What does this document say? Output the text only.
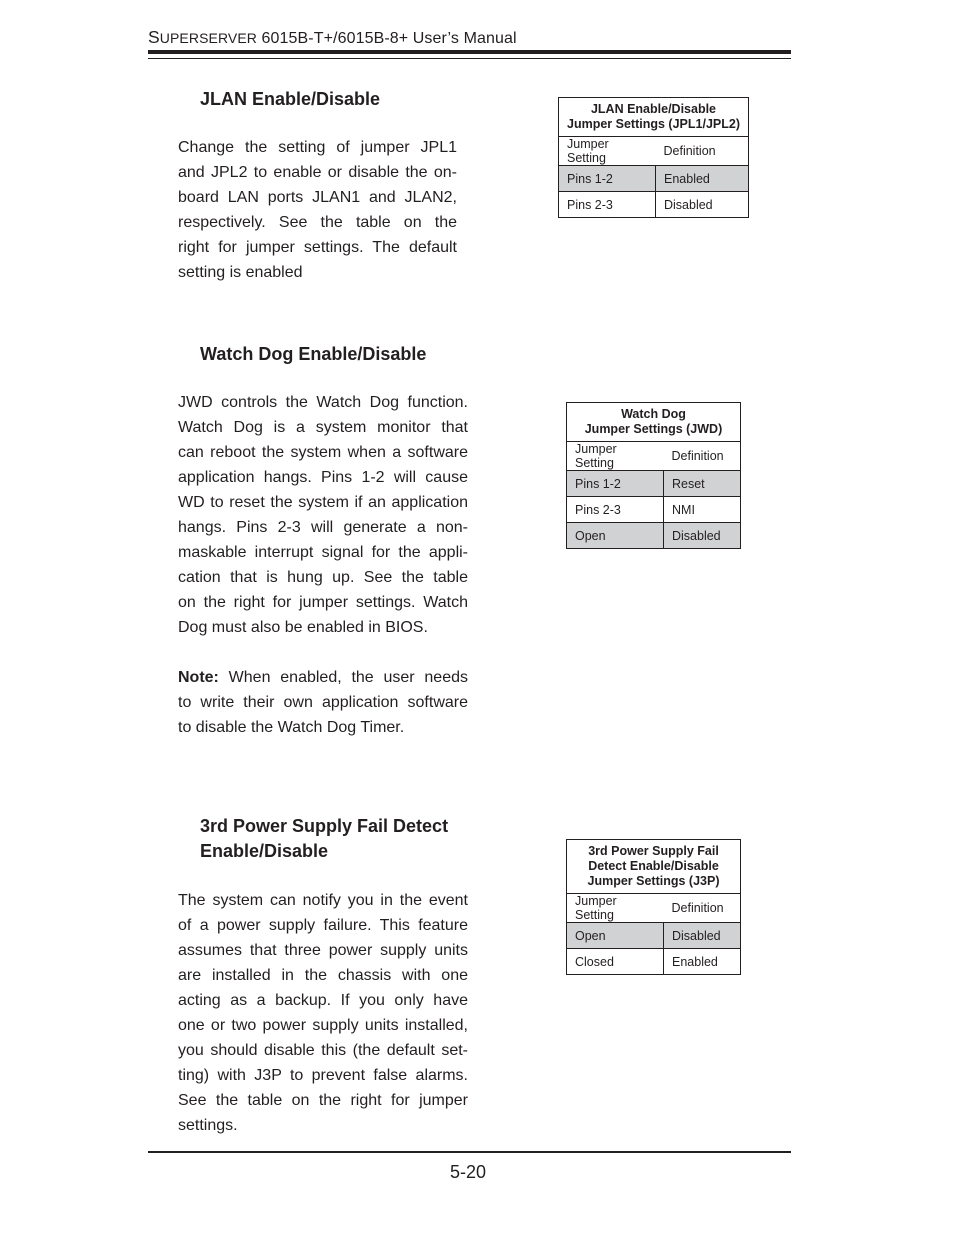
SUPERSERVER 6015B-T+/6015B-8+ User’s Manual
JLAN Enable/Disable
Change the setting of jumper JPL1
and JPL2 to enable or disable the on-
board LAN ports JLAN1 and JLAN2,
respectively. See the table on the
right for jumper settings. The default
setting is enabled
JLAN Enable/Disable
Jumper Settings (JPL1/JPL2)	

Jumper Setting	Definition
Pins 1-2	Enabled
Pins 2-3	Disabled
Watch Dog Enable/Disable
JWD controls the Watch Dog function.
Watch Dog is a system monitor that
can reboot the system when a software
application hangs. Pins 1-2 will cause
WD to reset the system if an application
hangs. Pins 2-3 will generate a non-
maskable interrupt signal for the appli-
cation that is hung up. See the table
on the right for jumper settings. Watch
Dog must also be enabled in BIOS.
Note: When enabled, the user needs
to write their own application software
to disable the Watch Dog Timer.
Watch Dog
Jumper Settings (JWD)	

Jumper Setting	Definition
Pins 1-2	Reset
Pins 2-3	NMI
Open	Disabled
3rd Power Supply Fail Detect
Enable/Disable
The system can notify you in the event
of a power supply failure. This feature
assumes that three power supply units
are installed in the chassis with one
acting as a backup. If you only have
one or two power supply units installed,
you should disable this (the default set-
ting) with J3P to prevent false alarms.
See the table on the right for jumper
settings.
3rd Power Supply Fail
Detect Enable/Disable
Jumper Settings (J3P)	

Jumper Setting	Definition
Open	Disabled
Closed	Enabled
5-20
